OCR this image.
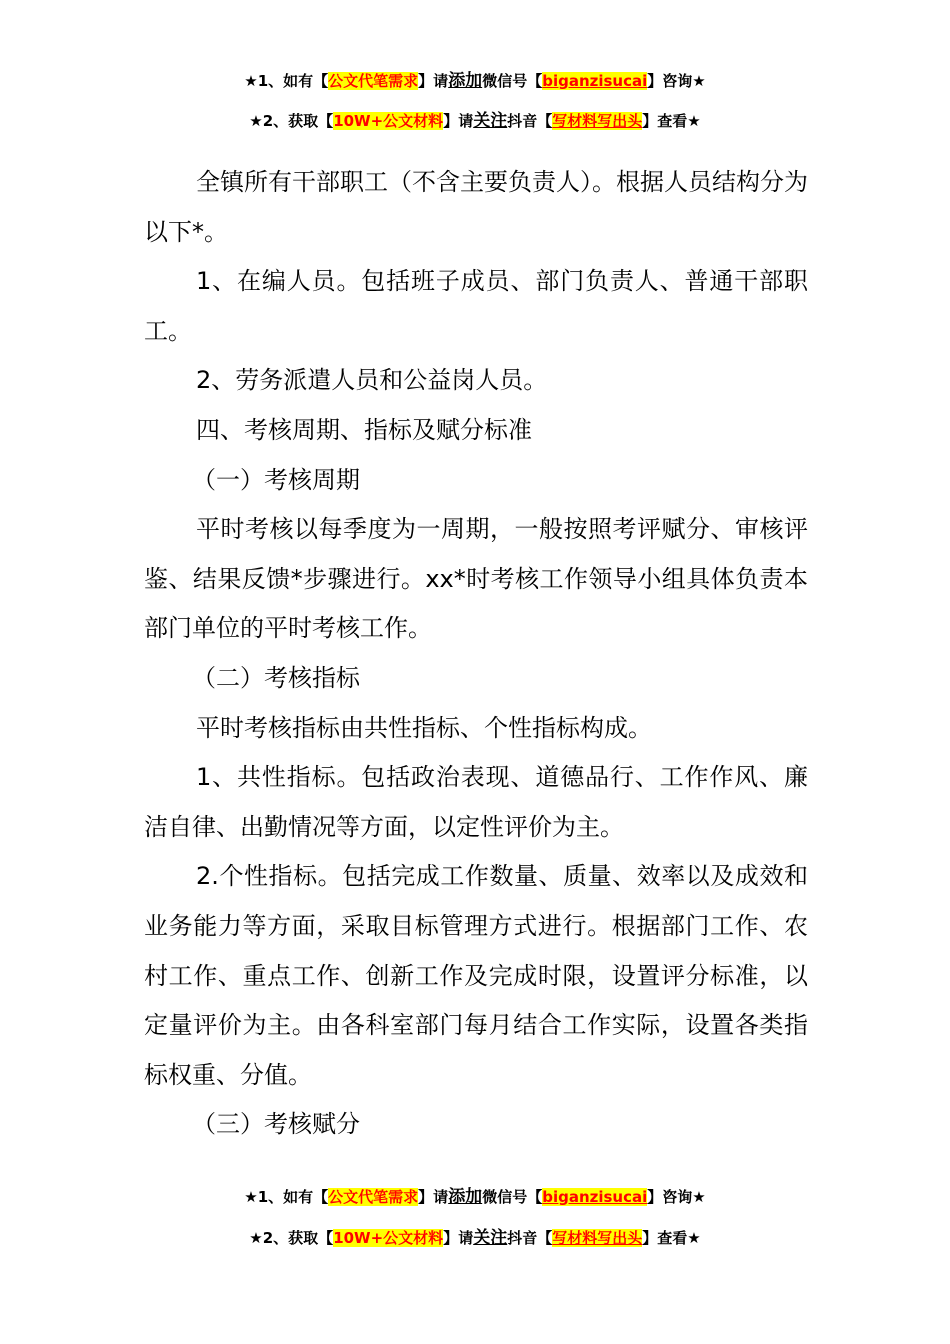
★1、如有【公文代笔需求】请添加微信号【biganzisucai】咨询★
★2、获取【10W+公文材料】请关注抖音【写材料写出头】查看★

全镇所有干部职工（不含主要负责人）。根据人员结构分为以下*。

1、在编人员。包括班子成员、部门负责人、普通干部职工。

2、劳务派遣人员和公益岗人员。

四、考核周期、指标及赋分标准

（一）考核周期

平时考核以每季度为一周期，一般按照考评赋分、审核评鉴、结果反馈*步骤进行。xx*时考核工作领导小组具体负责本部门单位的平时考核工作。

（二）考核指标

平时考核指标由共性指标、个性指标构成。

1、共性指标。包括政治表现、道德品行、工作作风、廉洁自律、出勤情况等方面，以定性评价为主。

2.个性指标。包括完成工作数量、质量、效率以及成效和业务能力等方面，采取目标管理方式进行。根据部门工作、农村工作、重点工作、创新工作及完成时限，设置评分标准，以定量评价为主。由各科室部门每月结合工作实际，设置各类指标权重、分值。

（三）考核赋分

★1、如有【公文代笔需求】请添加微信号【biganzisucai】咨询★
★2、获取【10W+公文材料】请关注抖音【写材料写出头】查看★
